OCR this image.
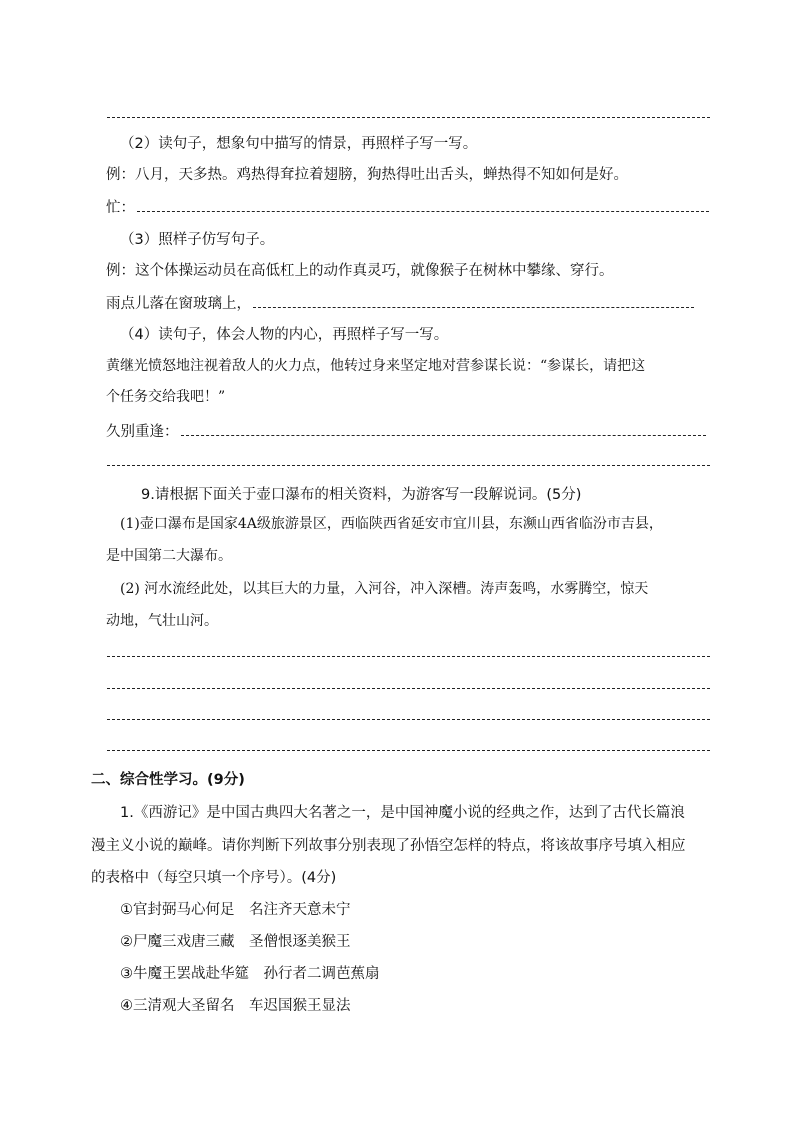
（2）读句子，想象句中描写的情景，再照样子写一写。
例：八月，天多热。鸡热得耷拉着翅膀，狗热得吐出舌头，蝉热得不知如何是好。
忙：
（3）照样子仿写句子。
例：这个体操运动员在高低杠上的动作真灵巧，就像猴子在树林中攀缘、穿行。
雨点儿落在窗玻璃上，
（4）读句子，体会人物的内心，再照样子写一写。
黄继光愤怒地注视着敌人的火力点，他转过身来坚定地对营参谋长说：“参谋长，请把这
个任务交给我吧！”
久别重逢：
9.请根据下面关于壶口瀑布的相关资料，为游客写一段解说词。(5分)
(1)壶口瀑布是国家4A级旅游景区，西临陕西省延安市宜川县，东濒山西省临汾市吉县，
是中国第二大瀑布。
(2) 河水流经此处，以其巨大的力量，入河谷，冲入深槽。涛声轰鸣，水雾腾空，惊天
动地，气壮山河。
二、综合性学习。(9分)
1.《西游记》是中国古典四大名著之一，是中国神魔小说的经典之作，达到了古代长篇浪
漫主义小说的巅峰。请你判断下列故事分别表现了孙悟空怎样的特点，将该故事序号填入相应
的表格中（每空只填一个序号）。(4分)
①官封弼马心何足　名注齐天意未宁
②尸魔三戏唐三藏　圣僧恨逐美猴王
③牛魔王罢战赴华筵　孙行者二调芭蕉扇
④三清观大圣留名　车迟国猴王显法
